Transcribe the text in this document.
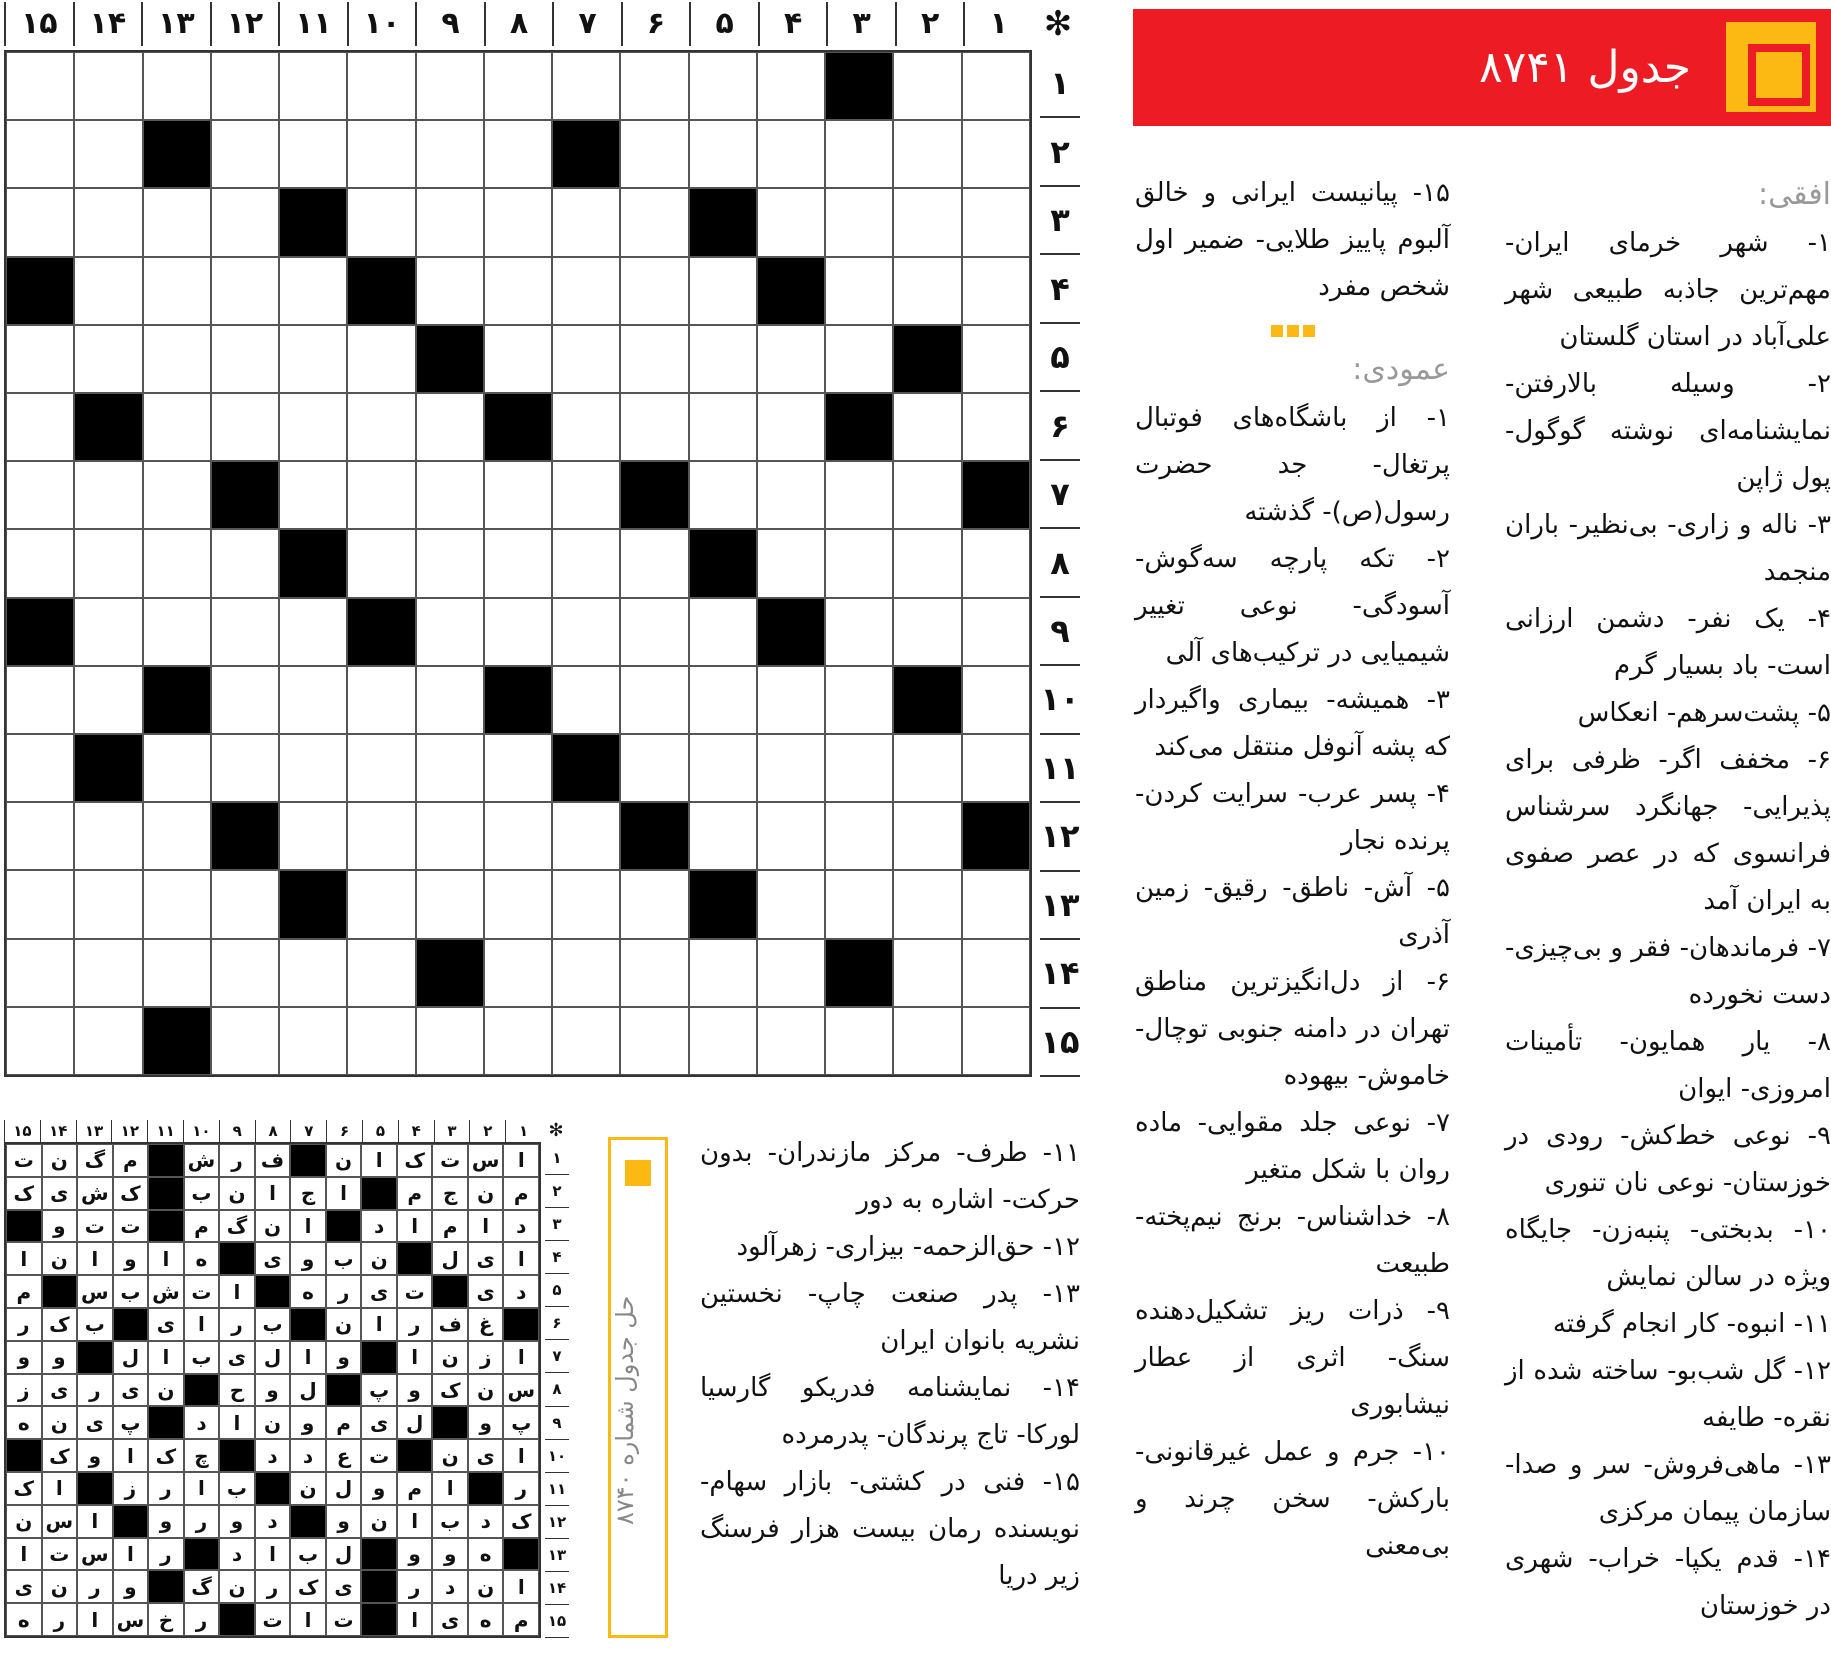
جدول ۸۷۴۱
۱
۲
۳
۴
۵
۶
۷
۸
۹
۱۰
۱۱
۱۲
۱۳
۱۴
۱۵	✻
۱
۲
۳
۴
۵
۶
۷
۸
۹
۱۰
۱۱
۱۲
۱۳
۱۴
۱۵
افقی:

۱- شهر خرمای ایران- مهم‌ترین جاذبه طبیعی شهر علی‌آباد در استان گلستان

۲- وسیله بالارفتن- نمایشنامه‌ای نوشته گوگول- پول ژاپن

۳- ناله و زاری- بی‌نظیر- باران منجمد

۴- یک نفر- دشمن ارزانی است- باد بسیار گرم

۵- پشت‌سرهم- انعکاس

۶- مخفف اگر- ظرفی برای پذیرایی- جهانگرد سرشناس فرانسوی که در عصر صفوی به ایران آمد

۷- فرماندهان- فقر و بی‌چیزی- دست نخورده

۸- یار همایون- تأمینات امروزی- ایوان

۹- نوعی خط‌کش- رودی در خوزستان- نوعی نان تنوری

۱۰- بدبختی- پنبه‌زن- جایگاه ویژه در سالن نمایش

۱۱- انبوه- کار انجام گرفته

۱۲- گل شب‌بو- ساخته شده از نقره- طایفه

۱۳- ماهی‌فروش- سر و صدا- سازمان پیمان مرکزی

۱۴- قدم یکپا- خراب- شهری در خوزستان

۱۵- پیانیست ایرانی و خالق آلبوم پاییز طلایی- ضمیر اول شخص مفرد

عمودی:

۱- از باشگاه‌های فوتبال پرتغال- جد حضرت رسول(ص)- گذشته

۲- تکه پارچه سه‌گوش- آسودگی- نوعی تغییر شیمیایی در ترکیب‌های آلی

۳- همیشه- بیماری واگیردار که پشه آنوفل منتقل می‌کند

۴- پسر عرب- سرایت کردن- پرنده نجار

۵- آش- ناطق- رقیق- زمین آذری

۶- از دل‌انگیزترین مناطق تهران در دامنه جنوبی توچال- خاموش- بیهوده

۷- نوعی جلد مقوایی- ماده روان با شکل متغیر

۸- خداشناس- برنج نیم‌پخته- طبیعت

۹- ذرات ریز تشکیل‌دهنده سنگ- اثری از عطار نیشابوری

۱۰- جرم و عمل غیرقانونی- بارکش- سخن چرند و بی‌معنی

۱۱- طرف- مرکز مازندران- بدون حرکت- اشاره به دور

۱۲- حق‌الزحمه- بیزاری- زهرآلود

۱۳- پدر صنعت چاپ- نخستین نشریه بانوان ایران

۱۴- نمایشنامه فدریکو گارسیا لورکا- تاج پرندگان- پدرمرده

۱۵- فنی در کشتی- بازار سهام- نویسنده رمان بیست هزار فرسنگ زیر دریا

حل جدول شماره ۸۷۴۰
۱
۲
۳
۴
۵
۶
۷
۸
۹
۱۰
۱۱
۱۲
۱۳
۱۴
۱۵	✻
ا
س
ت
ک
ا
ن
ف
ر
ش
م
گ
ن
ت
م
ن
ج
م
ا
ج
ا
ن
ب
ک
ش
ی
ک
د
ا
م
ا
د
ا
ن
گ
م
ت
ت
و
ا
ی
ل
ن
ب
و
ی
ه
ا
و
ا
ن
ا
د
ی
ت
ی
ر
ه
ا
ت
ش
ب
س
م
غ
ف
ر
ا
ن
ب
ر
ا
ی
ب
ک
ر
ا
ز
ن
ا
و
ا
ل
ی
ب
ا
ل
و
و
س
ن
ک
و
پ
ل
و
ح
ن
ی
ر
ی
ز
پ
و
ل
ی
م
و
ن
ا
د
پ
ی
ن
ه
ا
ی
ن
ت
ع
د
د
چ
ک
ا
و
ک
ر
ا
م
و
ل
ن
ب
ا
ر
ز
ا
ک
ک
د
ب
ا
ن
و
د
و
ر
و
ا
س
ن
ه
و
و
ل
ب
ا
د
ر
ا
س
ت
ا
ا
ن
د
ر
ی
ک
ر
ن
گ
و
ر
ن
ی
م
ه
ی
ا
ت
ا
ت
ر
خ
س
ا
ر
ه
۱
۲
۳
۴
۵
۶
۷
۸
۹
۱۰
۱۱
۱۲
۱۳
۱۴
۱۵
